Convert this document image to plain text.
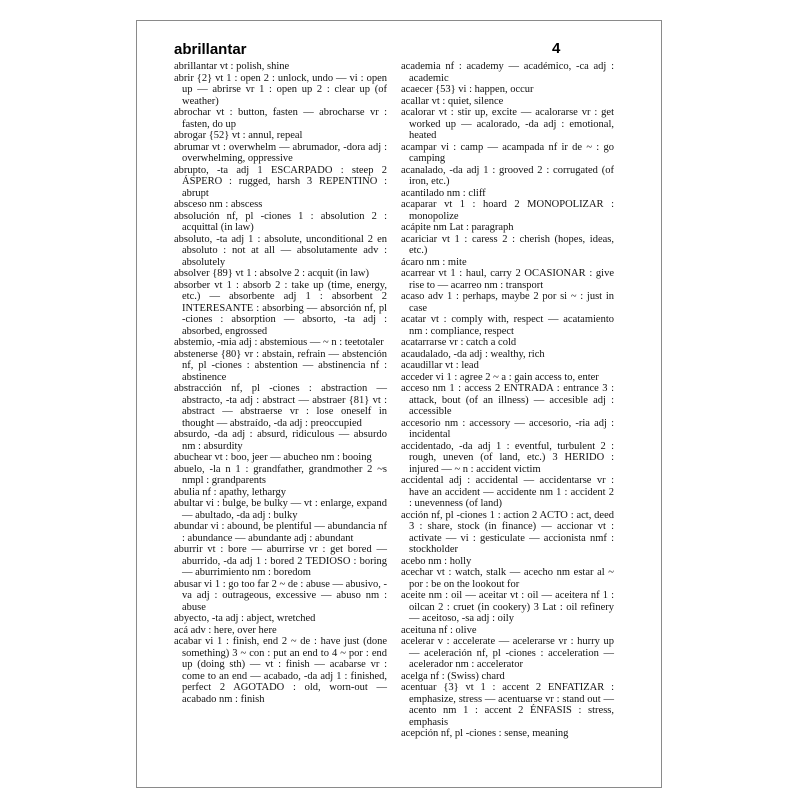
abrillantar	4

abrillantar vt : polish, shine

abrir {2} vt 1 : open 2 : unlock, undo — vi : open up — abrirse vr 1 : open up 2 : clear up (of weather)

abrochar vt : button, fasten — abrocharse vr : fasten, do up

abrogar {52} vt : annul, repeal

abrumar vt : overwhelm — abrumador, -dora adj : overwhelming, oppressive

abrupto, -ta adj 1 ESCARPADO : steep 2 ÁSPERO : rugged, harsh 3 REPENTINO : abrupt

absceso nm : abscess

absolución nf, pl -ciones 1 : absolution 2 : acquittal (in law)

absoluto, -ta adj 1 : absolute, unconditional 2 en absoluto : not at all — absolutamente adv : absolutely

absolver {89} vt 1 : absolve 2 : acquit (in law)

absorber vt 1 : absorb 2 : take up (time, energy, etc.) — absorbente adj 1 : absorbent 2 INTERESANTE : absorbing — absorción nf, pl -ciones : absorption — absorto, -ta adj : absorbed, engrossed

abstemio, -mia adj : abstemious — ~ n : teetotaler

abstenerse {80} vr : abstain, refrain — abstención nf, pl -ciones : abstention — abstinencia nf : abstinence

abstracción nf, pl -ciones : abstraction — abstracto, -ta adj : abstract — abstraer {81} vt : abstract — abstraerse vr : lose oneself in thought — abstraído, -da adj : preoccupied

absurdo, -da adj : absurd, ridiculous — absurdo nm : absurdity

abuchear vt : boo, jeer — abucheo nm : booing

abuelo, -la n 1 : grandfather, grandmother 2 ~s nmpl : grandparents

abulia nf : apathy, lethargy

abultar vi : bulge, be bulky — vt : enlarge, expand — abultado, -da adj : bulky

abundar vi : abound, be plentiful — abundancia nf : abundance — abundante adj : abundant

aburrir vt : bore — aburrirse vr : get bored — aburrido, -da adj 1 : bored 2 TEDIOSO : boring — aburrimiento nm : boredom

abusar vi 1 : go too far 2 ~ de : abuse — abusivo, -va adj : outrageous, excessive — abuso nm : abuse

abyecto, -ta adj : abject, wretched

acá adv : here, over here

acabar vi 1 : finish, end 2 ~ de : have just (done something) 3 ~ con : put an end to 4 ~ por : end up (doing sth) — vt : finish — acabarse vr : come to an end — acabado, -da adj 1 : finished, perfect 2 AGOTADO : old, worn-out — acabado nm : finish

academia nf : academy — académico, -ca adj : academic

acaecer {53} vi : happen, occur

acallar vt : quiet, silence

acalorar vt : stir up, excite — acalorarse vr : get worked up — acalorado, -da adj : emotional, heated

acampar vi : camp — acampada nf ir de ~ : go camping

acanalado, -da adj 1 : grooved 2 : corrugated (of iron, etc.)

acantilado nm : cliff

acaparar vt 1 : hoard 2 MONOPOLIZAR : monopolize

acápite nm Lat : paragraph

acariciar vt 1 : caress 2 : cherish (hopes, ideas, etc.)

ácaro nm : mite

acarrear vt 1 : haul, carry 2 OCASIONAR : give rise to — acarreo nm : transport

acaso adv 1 : perhaps, maybe 2 por si ~ : just in case

acatar vt : comply with, respect — acatamiento nm : compliance, respect

acatarrarse vr : catch a cold

acaudalado, -da adj : wealthy, rich

acaudillar vt : lead

acceder vi 1 : agree 2 ~ a : gain access to, enter

acceso nm 1 : access 2 ENTRADA : entrance 3 : attack, bout (of an illness) — accesible adj : accessible

accesorio nm : accessory — accesorio, -ria adj : incidental

accidentado, -da adj 1 : eventful, turbulent 2 : rough, uneven (of land, etc.) 3 HERIDO : injured — ~ n : accident victim

accidental adj : accidental — accidentarse vr : have an accident — accidente nm 1 : accident 2 : unevenness (of land)

acción nf, pl -ciones 1 : action 2 ACTO : act, deed 3 : share, stock (in finance) — accionar vt : activate — vi : gesticulate — accionista nmf : stockholder

acebo nm : holly

acechar vt : watch, stalk — acecho nm estar al ~ por : be on the lookout for

aceite nm : oil — aceitar vt : oil — aceitera nf 1 : oilcan 2 : cruet (in cookery) 3 Lat : oil refinery — aceitoso, -sa adj : oily

aceituna nf : olive

acelerar v : accelerate — acelerarse vr : hurry up — aceleración nf, pl -ciones : acceleration — acelerador nm : accelerator

acelga nf : (Swiss) chard

acentuar {3} vt 1 : accent 2 ENFATIZAR : emphasize, stress — acentuarse vr : stand out — acento nm 1 : accent 2 ÉNFASIS : stress, emphasis

acepción nf, pl -ciones : sense, meaning
